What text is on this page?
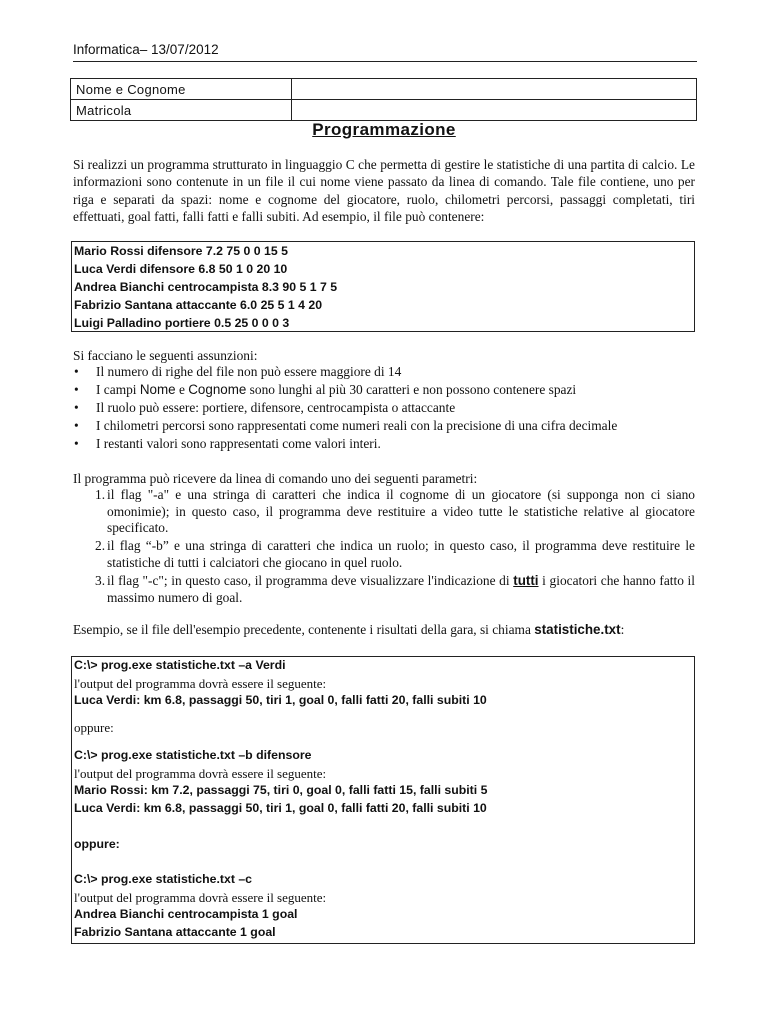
Informatica– 13/07/2012
Nome e Cognome	
Matricola	
Programmazione
Si realizzi un programma strutturato in linguaggio C che permetta di gestire le statistiche di una partita di calcio. Le informazioni sono contenute in un file il cui nome viene passato da linea di comando. Tale file contiene, uno per riga e separati da spazi: nome e cognome del giocatore, ruolo, chilometri percorsi, passaggi completati, tiri effettuati, goal fatti, falli fatti e falli subiti. Ad esempio, il file può contenere:
Mario Rossi difensore 7.2 75 0 0 15 5
Luca Verdi difensore 6.8 50 1 0 20 10
Andrea Bianchi centrocampista 8.3 90 5 1 7 5
Fabrizio Santana attaccante 6.0 25 5 1 4 20
Luigi Palladino portiere 0.5 25 0 0 0 3
Si facciano le seguenti assunzioni:
• Il numero di righe del file non può essere maggiore di 14
• I campi Nome e Cognome sono lunghi al più 30 caratteri e non possono contenere spazi
• Il ruolo può essere: portiere, difensore, centrocampista o attaccante
• I chilometri percorsi sono rappresentati come numeri reali con la precisione di una cifra decimale
• I restanti valori sono rappresentati come valori interi.
Il programma può ricevere da linea di comando uno dei seguenti parametri:
1. il flag "-a" e una stringa di caratteri che indica il cognome di un giocatore (si supponga non ci siano omonimie); in questo caso, il programma deve restituire a video tutte le statistiche relative al giocatore specificato.
2. il flag “-b” e una stringa di caratteri che indica un ruolo; in questo caso, il programma deve restituire le statistiche di tutti i calciatori che giocano in quel ruolo.
3. il flag "-c"; in questo caso, il programma deve visualizzare l'indicazione di tutti i giocatori che hanno fatto il massimo numero di goal.
Esempio, se il file dell'esempio precedente, contenente i risultati della gara, si chiama statistiche.txt:
C:\> prog.exe statistiche.txt –a Verdi
l'output del programma dovrà essere il seguente:
Luca Verdi: km 6.8, passaggi 50, tiri 1, goal 0, falli fatti 20, falli subiti 10
oppure:
C:\> prog.exe statistiche.txt –b difensore
l'output del programma dovrà essere il seguente:
Mario Rossi: km 7.2, passaggi 75, tiri 0, goal 0, falli fatti 15, falli subiti 5
Luca Verdi: km 6.8, passaggi 50, tiri 1, goal 0, falli fatti 20, falli subiti 10
oppure:
C:\> prog.exe statistiche.txt –c
l'output del programma dovrà essere il seguente:
Andrea Bianchi centrocampista 1 goal
Fabrizio Santana attaccante 1 goal
